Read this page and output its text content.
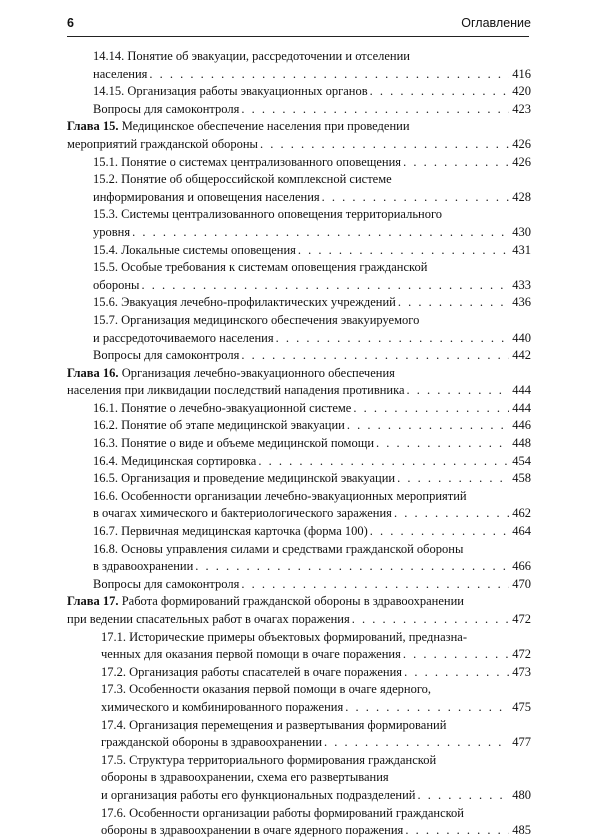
6	Оглавление
14.14. Понятие об эвакуации, рассредоточении и отселении
населения . . .	416
14.15. Организация работы эвакуационных органов . . .	420
Вопросы для самоконтроля . . .	423
Глава 15. Медицинское обеспечение населения при проведении
мероприятий гражданской обороны . . .	426
15.1. Понятие о системах централизованного оповещения . . .	426
15.2. Понятие об общероссийской комплексной системе
информирования и оповещения населения . . .	428
15.3. Системы централизованного оповещения территориального
уровня . . .	430
15.4. Локальные системы оповещения . . .	431
15.5. Особые требования к системам оповещения гражданской
обороны . . .	433
15.6. Эвакуация лечебно-профилактических учреждений . . .	436
15.7. Организация медицинского обеспечения эвакуируемого
и рассредоточиваемого населения . . .	440
Вопросы для самоконтроля . . .	442
Глава 16. Организация лечебно-эвакуационного обеспечения
населения при ликвидации последствий нападения противника . . .	444
16.1. Понятие о лечебно-эвакуационной системе . . .	444
16.2. Понятие об этапе медицинской эвакуации . . .	446
16.3. Понятие о виде и объеме медицинской помощи . . .	448
16.4. Медицинская сортировка . . .	454
16.5. Организация и проведение медицинской эвакуации . . .	458
16.6. Особенности организации лечебно-эвакуационных мероприятий
в очагах химического и бактериологического заражения . . .	462
16.7. Первичная медицинская карточка (форма 100) . . .	464
16.8. Основы управления силами и средствами гражданской обороны
в здравоохранении . . .	466
Вопросы для самоконтроля . . .	470
Глава 17. Работа формирований гражданской обороны в здравоохранении
при ведении спасательных работ в очагах поражения . . .	472
17.1. Исторические примеры объектовых формирований, предназна-
ченных для оказания первой помощи в очаге поражения . . .	472
17.2. Организация работы спасателей в очаге поражения . . .	473
17.3. Особенности оказания первой помощи в очаге ядерного,
химического и комбинированного поражения . . .	475
17.4. Организация перемещения и развертывания формирований
гражданской обороны в здравоохранении . . .	477
17.5. Структура территориального формирования гражданской
обороны в здравоохранении, схема его развертывания
и организация работы его функциональных подразделений . . .	480
17.6. Особенности организации работы формирований гражданской
обороны в здравоохранении в очаге ядерного поражения . . .	485
